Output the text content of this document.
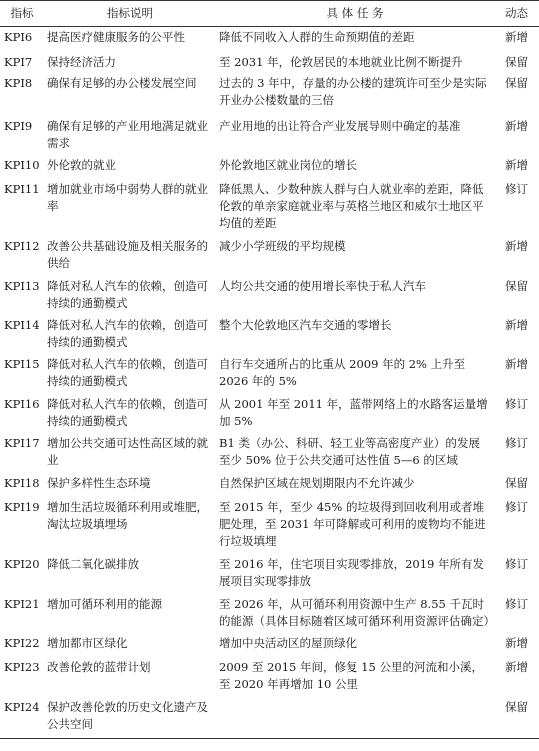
指标	指标说明	具 体 任 务	动态
KPI6	提高医疗健康服务的公平性	降低不同收入人群的生命预期值的差距	新增
KPI7	保持经济活力	至 2031 年，伦敦居民的本地就业比例不断提升	保留
KPI8	确保有足够的办公楼发展空间	过去的 3 年中，存量的办公楼的建筑许可至少是实际开业办公楼数量的三倍	保留
KPI9	确保有足够的产业用地满足就业需求	产业用地的出让符合产业发展导则中确定的基准	新增
KPI10	外伦敦的就业	外伦敦地区就业岗位的增长	新增
KPI11	增加就业市场中弱势人群的就业率	降低黑人、少数种族人群与白人就业率的差距，降低伦敦的单亲家庭就业率与英格兰地区和威尔士地区平均值的差距	修订
KPI12	改善公共基础设施及相关服务的供给	减少小学班级的平均规模	新增
KPI13	降低对私人汽车的依赖，创造可持续的通勤模式	人均公共交通的使用增长率快于私人汽车	保留
KPI14	降低对私人汽车的依赖，创造可持续的通勤模式	整个大伦敦地区汽车交通的零增长	新增
KPI15	降低对私人汽车的依赖，创造可持续的通勤模式	自行车交通所占的比重从 2009 年的 2% 上升至 2026 年的 5%	新增
KPI16	降低对私人汽车的依赖，创造可持续的通勤模式	从 2001 年至 2011 年，蓝带网络上的水路客运量增加 5%	修订
KPI17	增加公共交通可达性高区域的就业	B1 类（办公、科研、轻工业等高密度产业）的发展至少 50% 位于公共交通可达性值 5—6 的区域	修订
KPI18	保护多样性生态环境	自然保护区域在规划期限内不允许减少	保留
KPI19	增加生活垃圾循环利用或堆肥，淘汰垃圾填埋场	至 2015 年，至少 45% 的垃圾得到回收利用或者堆肥处理，至 2031 年可降解或可利用的废物均不能进行垃圾填埋	修订
KPI20	降低二氧化碳排放	至 2016 年，住宅项目实现零排放，2019 年所有发展项目实现零排放	修订
KPI21	增加可循环利用的能源	至 2026 年，从可循环利用资源中生产 8.55 千瓦时的能源（具体目标随着区域可循环利用资源评估确定）	修订
KPI22	增加都市区绿化	增加中央活动区的屋顶绿化	新增
KPI23	改善伦敦的蓝带计划	2009 至 2015 年间，修复 15 公里的河流和小溪，至 2020 年再增加 10 公里	新增
KPI24	保护改善伦敦的历史文化遗产及公共空间		保留
